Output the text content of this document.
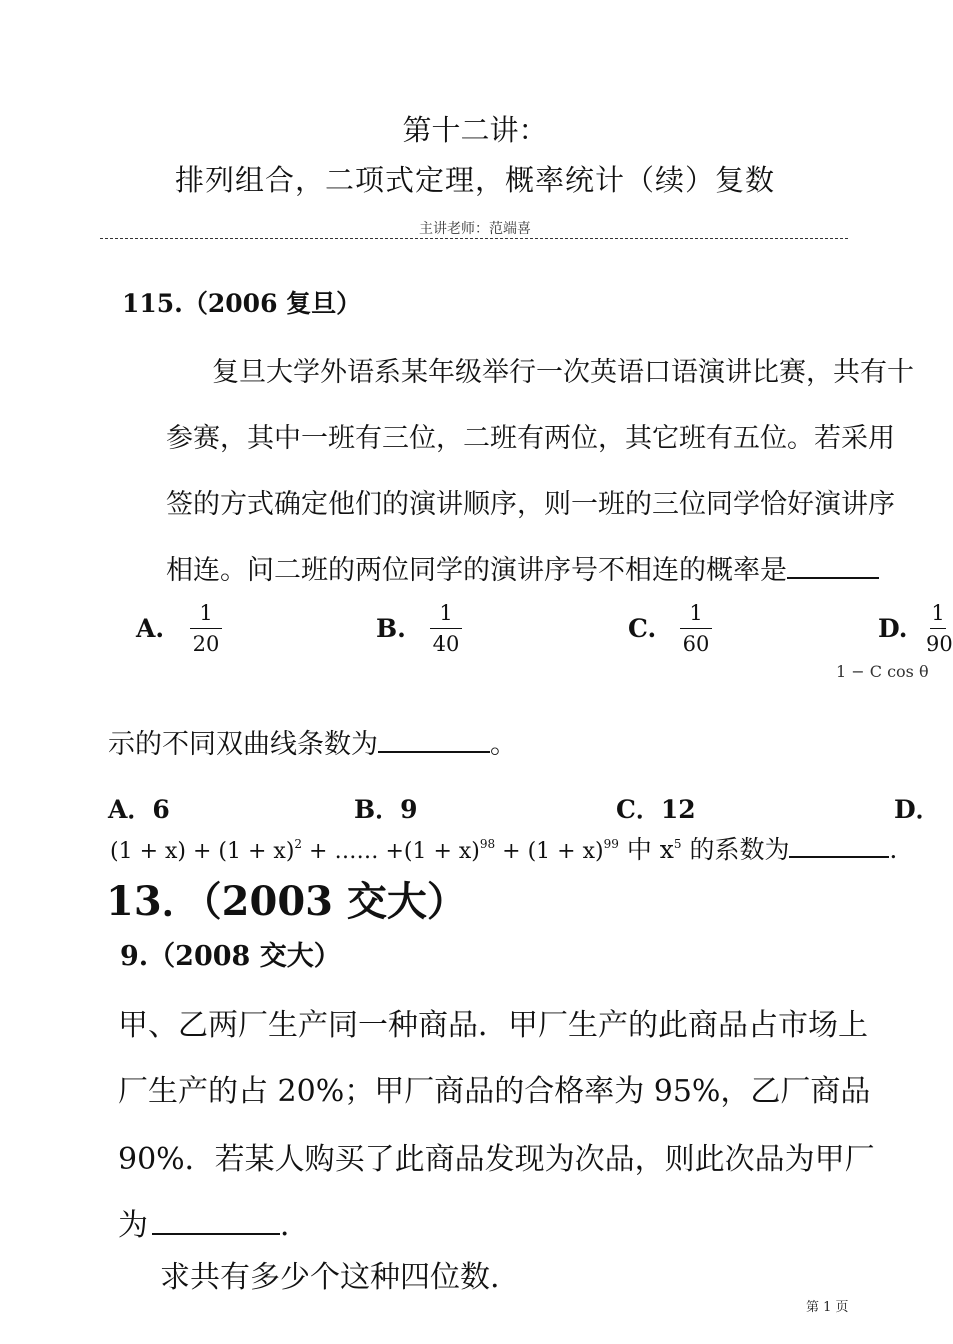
第十二讲：
排列组合，二项式定理，概率统计（续）复数
主讲老师：范端喜
115.（2006 复旦）
复旦大学外语系某年级举行一次英语口语演讲比赛，共有十
参赛，其中一班有三位，二班有两位，其它班有五位。若采用
签的方式确定他们的演讲顺序，则一班的三位同学恰好演讲序
相连。问二班的两位同学的演讲序号不相连的概率是
A.
1
20
B.
1
40
C.
1
60
D.
1
90
1 − C cos θ
示的不同双曲线条数为	。
A．6	B．9	C．12	D．
$(1 + x) + (1 + x)^2$ + …… $+(1 + x)^{98} + (1 + x)^{99}$ 中 $x^5$ 的系数为	．
13．（2003 交大）
9.（2008 交大）
甲、乙两厂生产同一种商品．甲厂生产的此商品占市场上
厂生产的占 20%；甲厂商品的合格率为 95%，乙厂商品
90%．若某人购买了此商品发现为次品，则此次品为甲厂
为	．
求共有多少个这种四位数.
第 1 页
